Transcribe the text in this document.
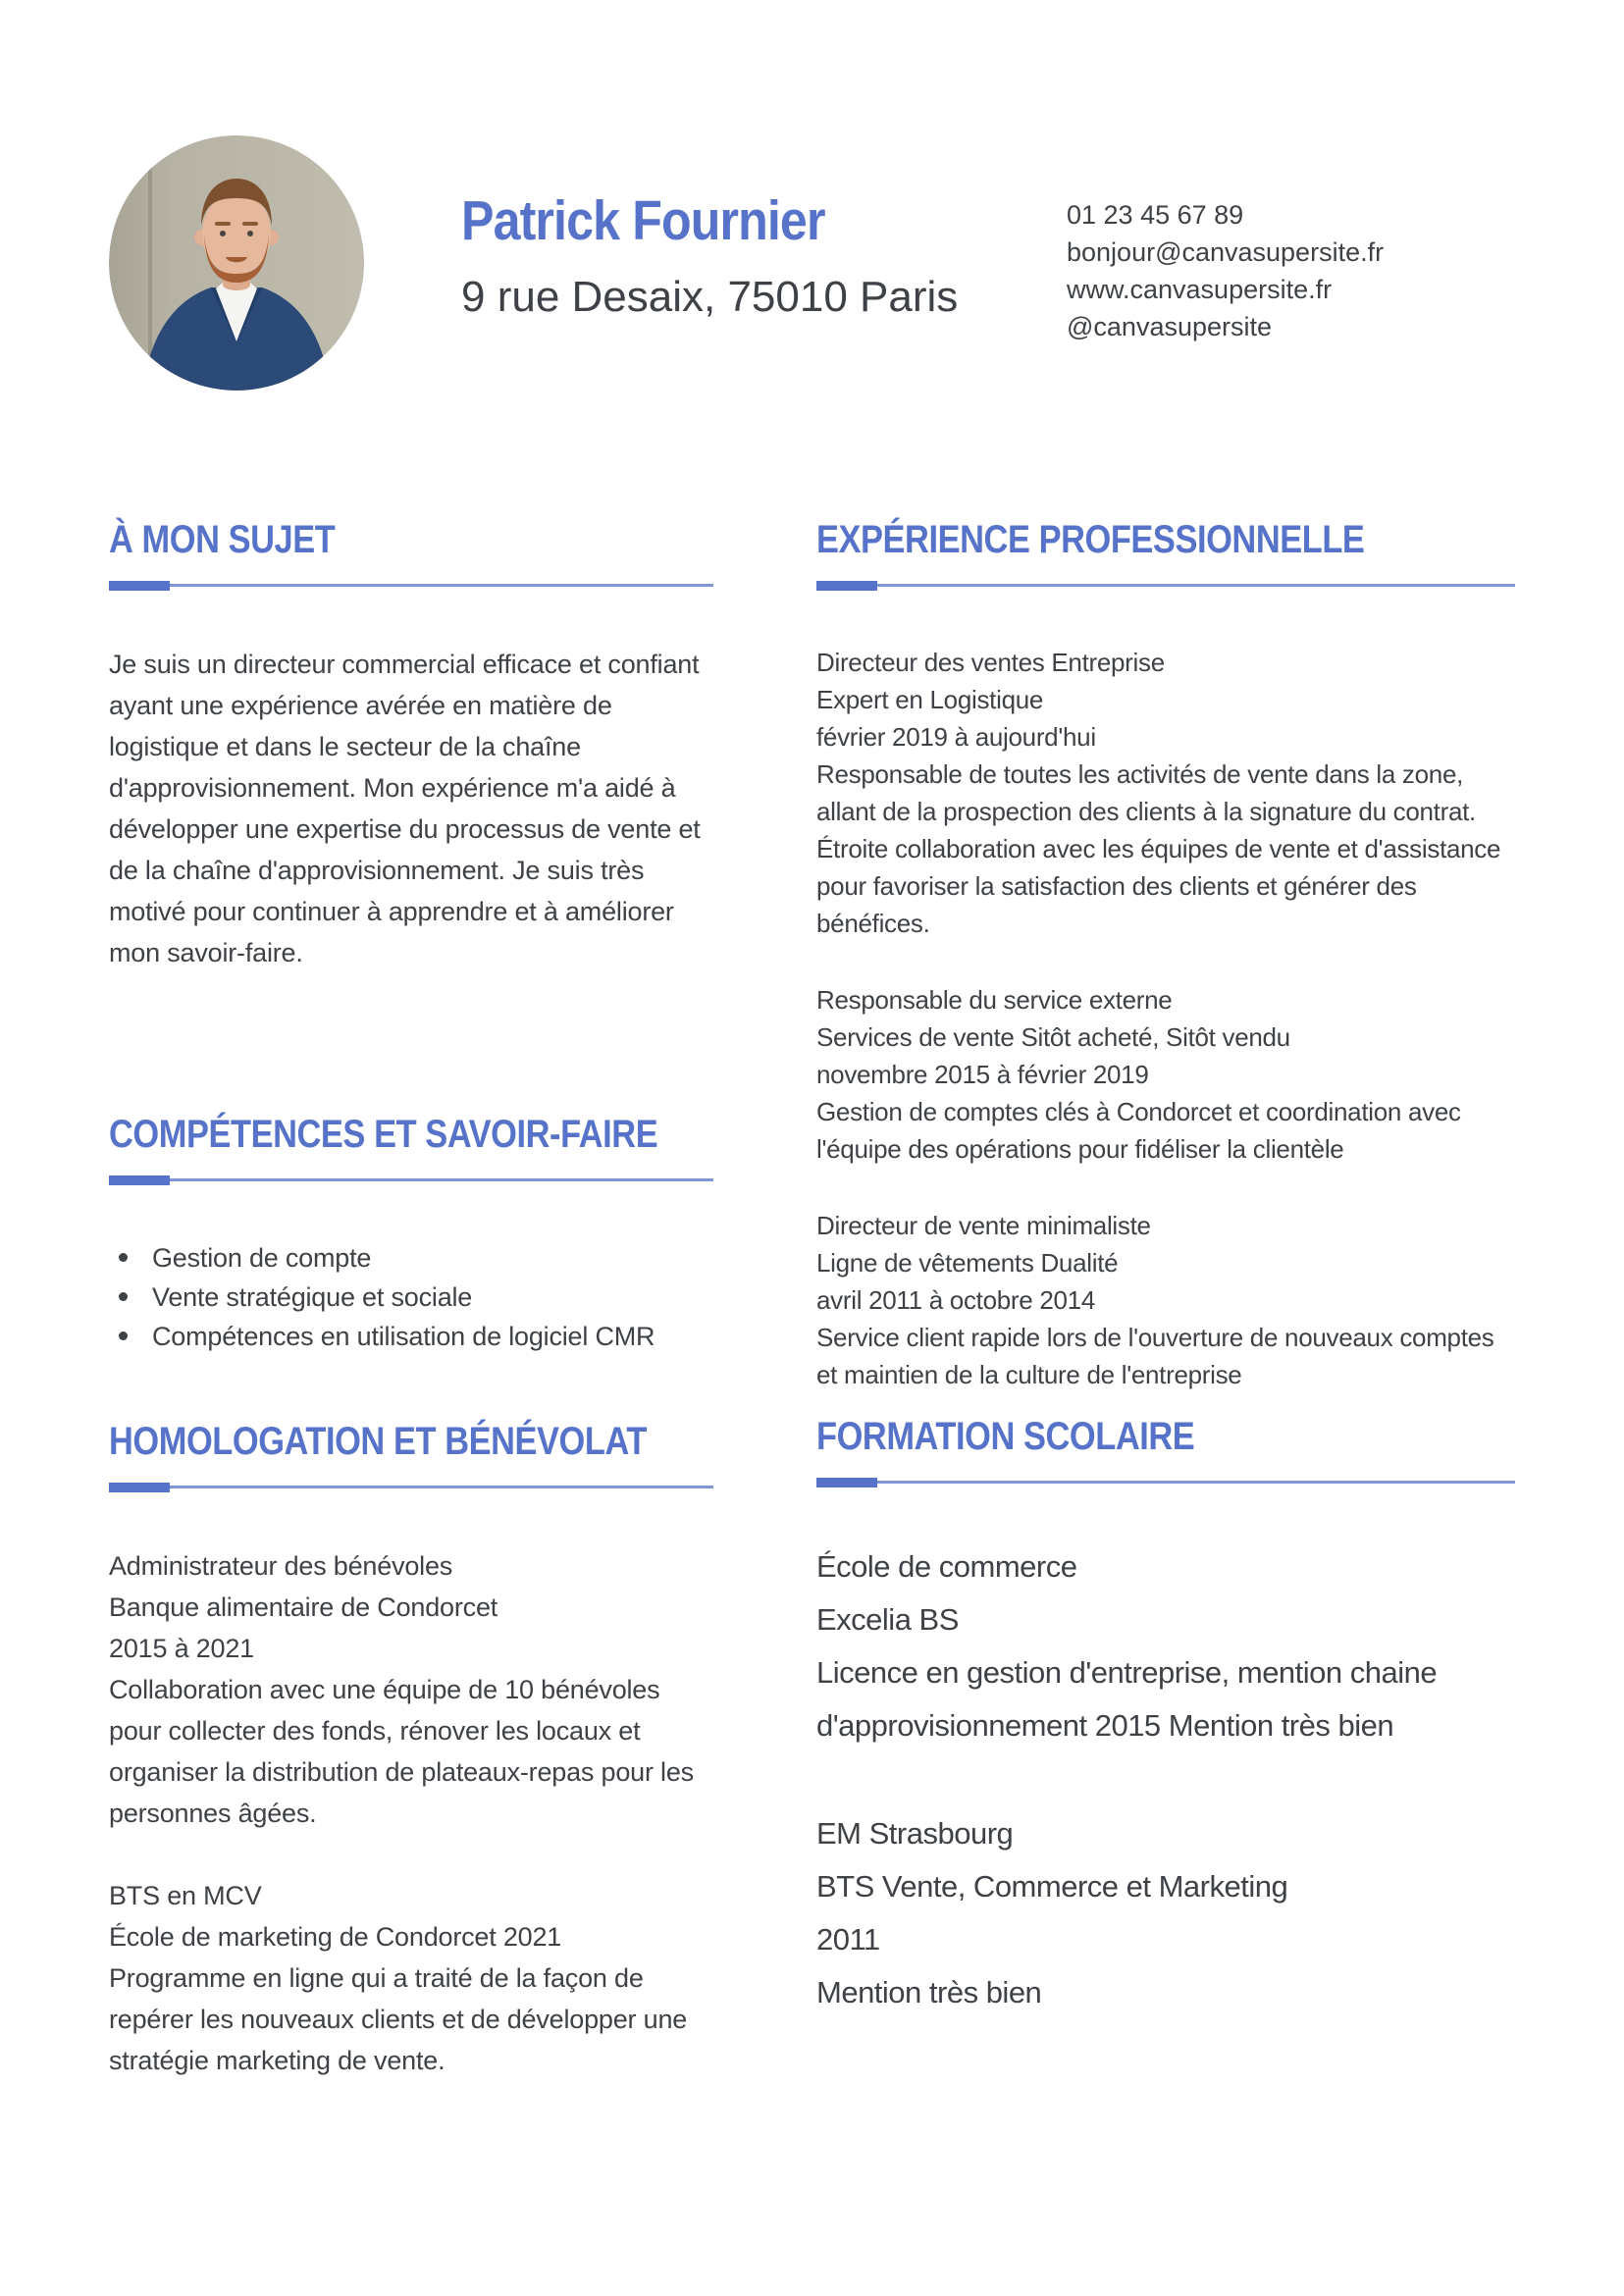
Patrick Fournier
9 rue Desaix, 75010 Paris
01 23 45 67 89
bonjour@canvasupersite.fr
www.canvasupersite.fr
@canvasupersite
À MON SUJET

Je suis un directeur commercial efficace et confiant ayant une expérience avérée en matière de logistique et dans le secteur de la chaîne d'approvisionnement. Mon expérience m'a aidé à développer une expertise du processus de vente et de la chaîne d'approvisionnement. Je suis très motivé pour continuer à apprendre et à améliorer mon savoir-faire.

COMPÉTENCES ET SAVOIR-FAIRE
Gestion de compte
Vente stratégique et sociale
Compétences en utilisation de logiciel CMR
HOMOLOGATION ET BÉNÉVOLAT
Administrateur des bénévoles
Banque alimentaire de Condorcet
2015 à 2021

Collaboration avec une équipe de 10 bénévoles pour collecter des fonds, rénover les locaux et organiser la distribution de plateaux-repas pour les personnes âgées.

BTS en MCV
École de marketing de Condorcet 2021

Programme en ligne qui a traité de la façon de repérer les nouveaux clients et de développer une stratégie marketing de vente.

EXPÉRIENCE PROFESSIONNELLE
Directeur des ventes Entreprise
Expert en Logistique
février 2019 à aujourd'hui

Responsable de toutes les activités de vente dans la zone, allant de la prospection des clients à la signature du contrat. Étroite collaboration avec les équipes de vente et d'assistance pour favoriser la satisfaction des clients et générer des bénéfices.

Responsable du service externe
Services de vente Sitôt acheté, Sitôt vendu
novembre 2015 à février 2019

Gestion de comptes clés à Condorcet et coordination avec l'équipe des opérations pour fidéliser la clientèle

Directeur de vente minimaliste
Ligne de vêtements Dualité
avril 2011 à octobre 2014

Service client rapide lors de l'ouverture de nouveaux comptes et maintien de la culture de l'entreprise

FORMATION SCOLAIRE
École de commerce
Excelia BS
Licence en gestion d'entreprise, mention chaine d'approvisionnement 2015 Mention très bien
EM Strasbourg
BTS Vente, Commerce et Marketing
2011
Mention très bien
